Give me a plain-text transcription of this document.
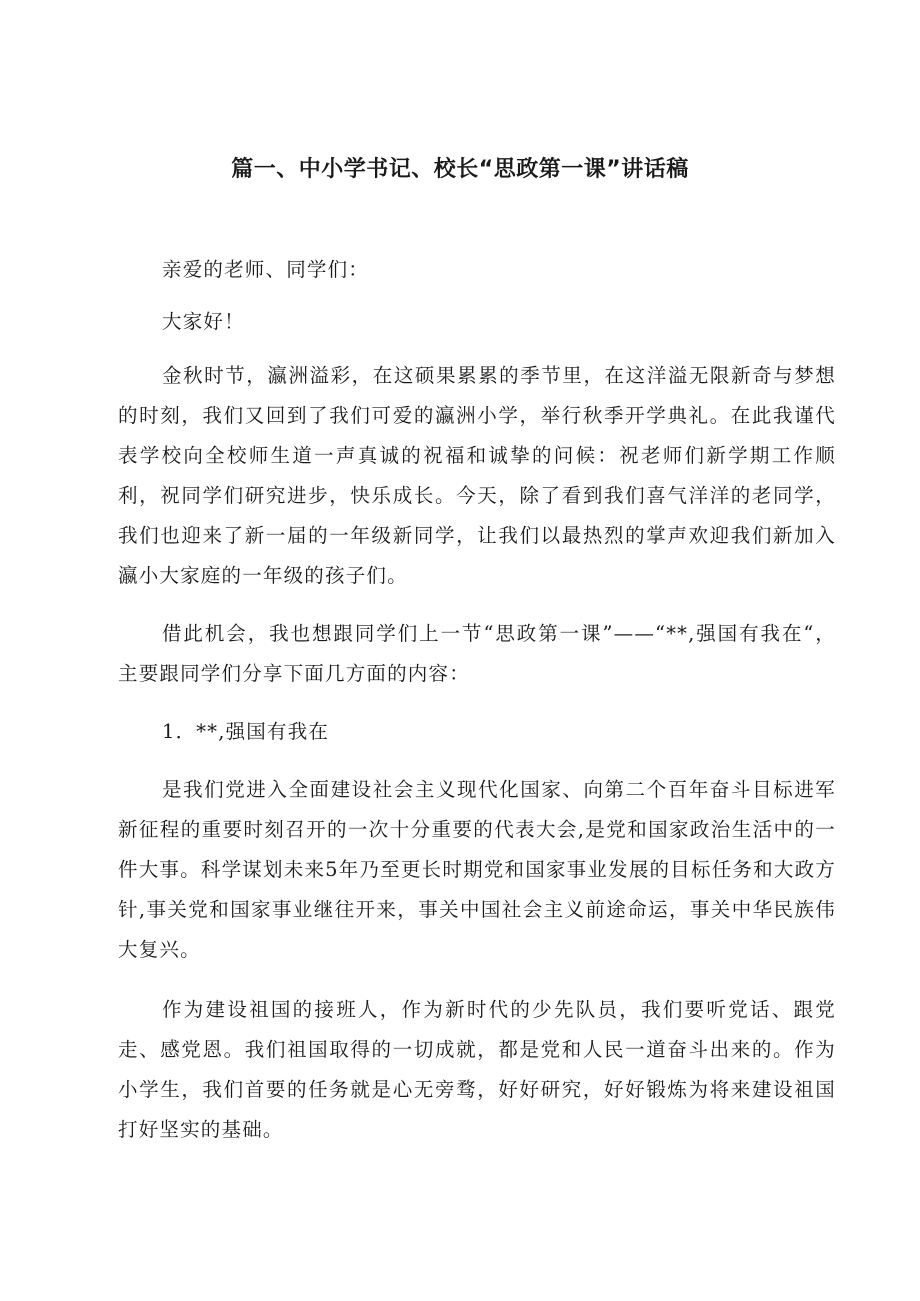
篇一、中小学书记、校长“思政第一课”讲话稿

亲爱的老师、同学们：

大家好！

金秋时节，瀛洲溢彩，在这硕果累累的季节里，在这洋溢无限新奇与梦想的时刻，我们又回到了我们可爱的瀛洲小学，举行秋季开学典礼。在此我谨代表学校向全校师生道一声真诚的祝福和诚挚的问候：祝老师们新学期工作顺利，祝同学们研究进步，快乐成长。今天，除了看到我们喜气洋洋的老同学，我们也迎来了新一届的一年级新同学，让我们以最热烈的掌声欢迎我们新加入瀛小大家庭的一年级的孩子们。

借此机会，我也想跟同学们上一节“思政第一课”——“**,强国有我在“，主要跟同学们分享下面几方面的内容：

1．**,强国有我在

是我们党进入全面建设社会主义现代化国家、向第二个百年奋斗目标进军新征程的重要时刻召开的一次十分重要的代表大会,是党和国家政治生活中的一件大事。科学谋划未来5年乃至更长时期党和国家事业发展的目标任务和大政方针,事关党和国家事业继往开来，事关中国社会主义前途命运，事关中华民族伟大复兴。

作为建设祖国的接班人，作为新时代的少先队员，我们要听党话、跟党走、感党恩。我们祖国取得的一切成就，都是党和人民一道奋斗出来的。作为小学生，我们首要的任务就是心无旁骛，好好研究，好好锻炼为将来建设祖国打好坚实的基础。
